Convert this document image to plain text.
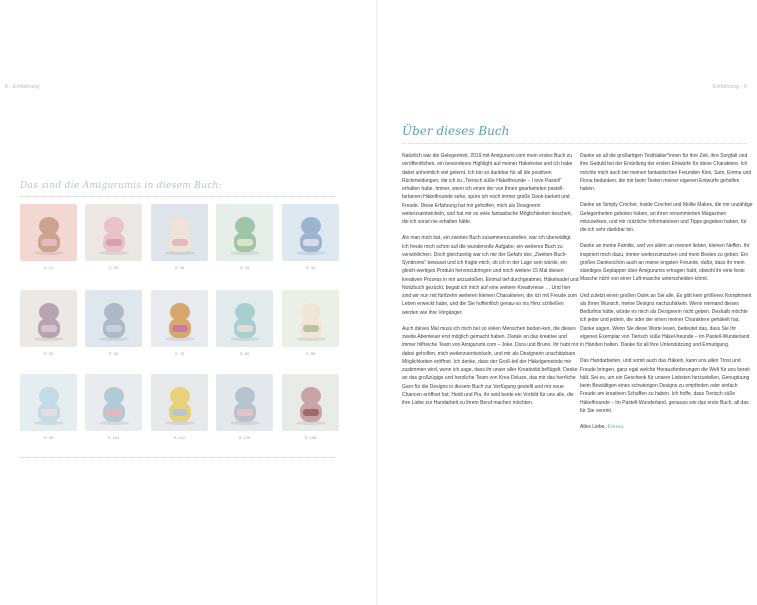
8 · Einführung
Das sind die Amigurumis in diesem Buch:
S. 12	S. 20	S. 26	S. 34	S. 40
S. 52	S. 60	S. 70	S. 80	S. 88
S. 96	S. 104	S. 112	S. 120	S. 128
Einführung · 9
Über dieses Buch

Natürlich war die Gelegenheit, 2019 mit Amigurumi.com mein erstes Buch zu veröffentlichen, ein besonderes Highlight auf meiner Häkelreise und ich habe dabei unheimlich viel gelernt. Ich bin so dankbar für all die positiven Rückmeldungen, die ich zu „Tierisch süße Häkelfreunde – I love Pastell“ erhalten habe. Immer, wenn ich einen der von Ihnen gearbeiteten pastell-farbenen Häkelfreunde sehe, spüre ich noch immer große Dank-barkeit und Freude. Diese Erfahrung hat mir geholfen, mich als Designerin weiterzuentwickeln, und hat mir so viele fantastische Möglichkeiten beschert, die ich sonst nie erhalten hätte.

Als man mich bat, ein zweites Buch zusammenzustellen, war ich überwältigt. Ich freute mich schon auf die wundervolle Aufgabe, ein weiteres Buch zu verwirklichen. Doch gleichzeitig war ich mir der Gefahr des „Zweiten-Buch-Syndroms“ bewusst und ich fragte mich, ob ich in der Lage sein würde, ein gleich-wertiges Produkt hervorzubringen und noch weitere 15 Mal diesen kreativen Prozess in mir anzustoßen. Einmal tief durchgeatmet, Häkelnadel und Notizbuch gezückt, begab ich mich auf eine weitere Kreativreise … Und hier sind wir nun mit fünfzehn weiteren kleinen Charakteren, die ich mit Freude zum Leben erweckt habe, und die Sie hoffentlich genau-so ins Herz schließen werden wie ihre Vorgänger.

Auch dieses Mal muss ich mich bei so vielen Menschen bedan-ken, die dieses zweite Abenteuer erst möglich gemacht haben. Danke an das kreative und immer hilfreiche Team von Amigurumi.com – Joke, Dora und Bruno. Ihr habt mir dabei geholfen, mich weiterzuentwickeln, und mir als Designerin unschätzbare Möglichkeiten eröffnet. Ich denke, dass der Groß-teil der Häkelgemeinde mir zustimmen wird, wenn ich sage, dass ihr unser aller Kreativität beflügelt. Danke an das großzügige und herzliche Team von Krea Deluxe, das mir das herrliche Garn für die Designs in diesem Buch zur Verfügung gestellt und mir neue Chancen eröffnet hat. Heidi und Pia, ihr seid beide ein Vorbild für uns alle, die ihre Liebe zur Handarbeit zu ihrem Beruf machen möchten.

Danke an all die großartigen Testhäkler*innen für ihre Zeit, ihre Sorgfalt und ihre Geduld bei der Erstellung der ersten Entwürfe für diese Charaktere. Ich möchte mich auch bei meinen fantastischen Freunden Kimi, Sam, Emma und Fiona bedanken, die mir beim Testen meiner eigenen Entwürfe geholfen haben.

Danke an Simply Crochet, Inside Crochet und Mollie Makes, die mir unzählige Gelegenheiten geboten haben, an ihren renommierten Magazinen mitzuwirken, und mir nützliche Informationen und Tipps gegeben haben, für die ich sehr dankbar bin.

Danke an meine Familie, und vor allem an meinen lieben, kleinen Neffen. Ihr inspiriert mich dazu, immer weiterzumachen und mein Bestes zu geben. Ein großes Dankeschön auch an meine engsten Freunde, dafür, dass ihr mein ständiges Geplapper über Amigurumis ertragen habt, obwohl ihr eine feste Masche nicht von einer Luft-masche unterscheiden könnt.

Und zuletzt einen großen Dank an Sie alle. Es gibt kein größeres Kompliment als Ihren Wunsch, meine Designs nachzuhäkeln. Wenn niemand dieses Bedürfnis hätte, würde es mich als Designerin nicht geben. Deshalb möchte ich jeder und jedem, die oder der einen meiner Charaktere gehäkelt hat, Danke sagen. Wenn Sie diese Worte lesen, bedeutet das, dass Sie Ihr eigenes Exemplar von Tierisch süße Häkel-freunde – Im Pastell-Wunderland in Händen halten. Danke für all Ihre Unterstützung und Ermutigung.

Das Handarbeiten, und somit auch das Häkeln, kann uns allen Trost und Freude bringen, ganz egal welche Herausforderungen die Welt für uns bereit hält. Sei es, um ein Geschenk für unsere Liebsten herzustellen, Genugtuung beim Bewältigen eines schwierigen Designs zu empfinden oder einfach Freude am kreativen Schaffen zu haben. Ich hoffe, dass Tierisch süße Häkelfreunde – Im Pastell-Wunderland, genauso wie das erste Buch, all das für Sie vereint.

Alles Liebe, Emma
